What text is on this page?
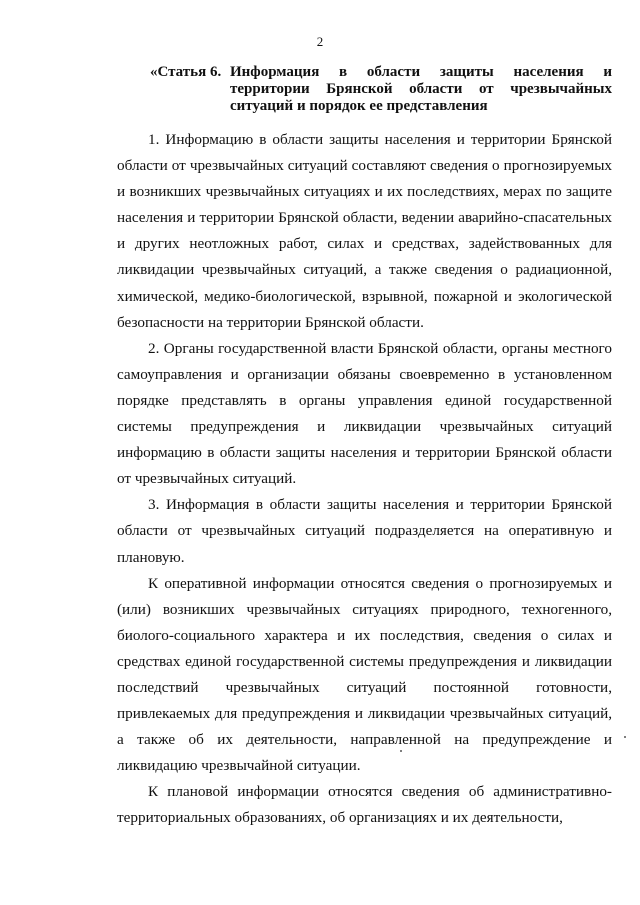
2
«Статья 6. Информация в области защиты населения и территории Брянской области от чрезвычайных ситуаций и порядок ее представления

1. Информацию в области защиты населения и территории Брянской области от чрезвычайных ситуаций составляют сведения о прогнозируемых и возникших чрезвычайных ситуациях и их последствиях, мерах по защите населения и территории Брянской области, ведении аварийно-спасательных и других неотложных работ, силах и средствах, задействованных для ликвидации чрезвычайных ситуаций, а также сведения о радиационной, химической, медико-биологической, взрывной, пожарной и экологической безопасности на территории Брянской области.

2. Органы государственной власти Брянской области, органы местного самоуправления и организации обязаны своевременно в установленном порядке представлять в органы управления единой государственной системы предупреждения и ликвидации чрезвычайных ситуаций информацию в области защиты населения и территории Брянской области от чрезвычайных ситуаций.

3. Информация в области защиты населения и территории Брянской области от чрезвычайных ситуаций подразделяется на оперативную и плановую.

К оперативной информации относятся сведения о прогнозируемых и (или) возникших чрезвычайных ситуациях природного, техногенного, биолого-социального характера и их последствия, сведения о силах и средствах единой государственной системы предупреждения и ликвидации последствий чрезвычайных ситуаций постоянной готовности, привлекаемых для предупреждения и ликвидации чрезвычайных ситуаций, а также об их деятельности, направленной на предупреждение и ликвидацию чрезвычайной ситуации.

К плановой информации относятся сведения об административно-территориальных образованиях, об организациях и их деятельности,
